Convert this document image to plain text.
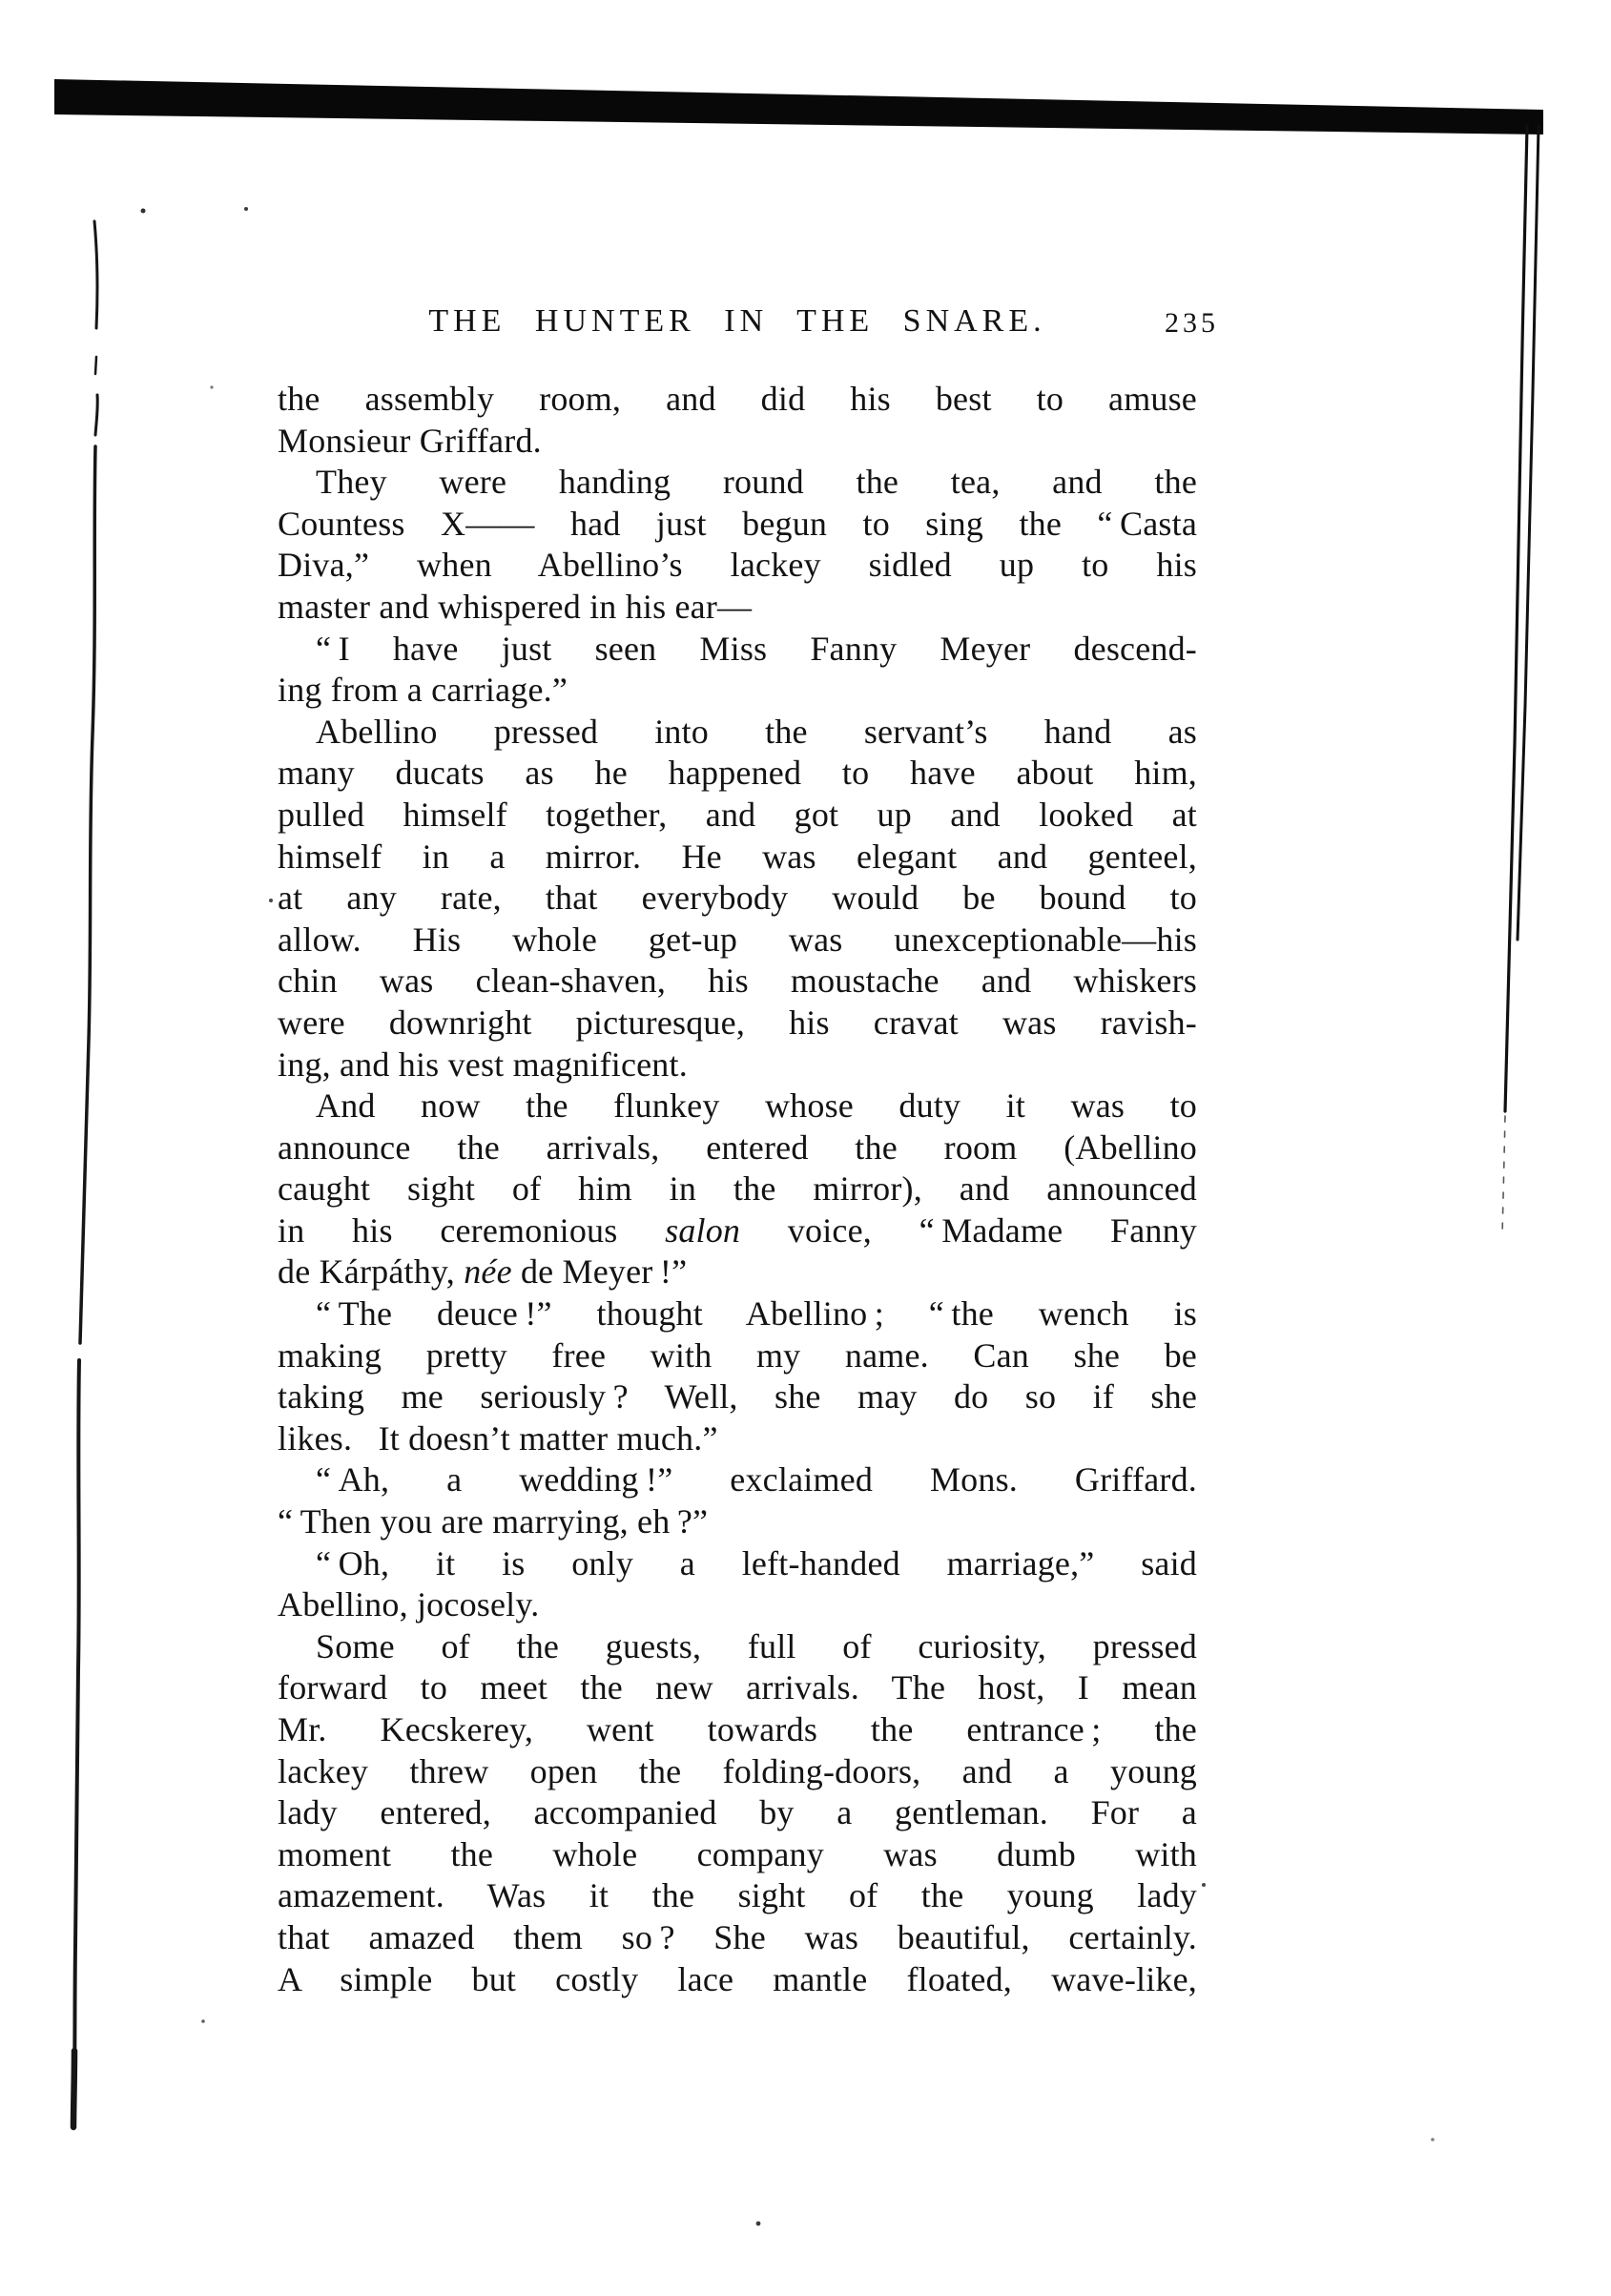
THE HUNTER IN THE SNARE.	235
the assembly room, and did his best to amuse
Monsieur Griffard.
They were handing round the tea, and the
Countess X—— had just begun to sing the “ Casta
Diva,” when Abellino’s lackey sidled up to his
master and whispered in his ear—
“ I have just seen Miss Fanny Meyer descend-
ing from a carriage.”
Abellino pressed into the servant’s hand as
many ducats as he happened to have about him,
pulled himself together, and got up and looked at
himself in a mirror. He was elegant and genteel,
at any rate, that everybody would be bound to
allow. His whole get-up was unexceptionable—his
chin was clean-shaven, his moustache and whiskers
were downright picturesque, his cravat was ravish-
ing, and his vest magnificent.
And now the flunkey whose duty it was to
announce the arrivals, entered the room (Abellino
caught sight of him in the mirror), and announced
in his ceremonious salon voice, “ Madame Fanny
de Kárpáthy, née de Meyer !”
“ The deuce !” thought Abellino ; “ the wench is
making pretty free with my name. Can she be
taking me seriously ? Well, she may do so if she
likes.  It doesn’t matter much.”
“ Ah, a wedding !” exclaimed Mons. Griffard.
“ Then you are marrying, eh ?”
“ Oh, it is only a left-handed marriage,” said
Abellino, jocosely.
Some of the guests, full of curiosity, pressed
forward to meet the new arrivals. The host, I mean
Mr. Kecskerey, went towards the entrance ; the
lackey threw open the folding-doors, and a young
lady entered, accompanied by a gentleman. For a
moment the whole company was dumb with
amazement. Was it the sight of the young lady
that amazed them so ? She was beautiful, certainly.
A simple but costly lace mantle floated, wave-like,
